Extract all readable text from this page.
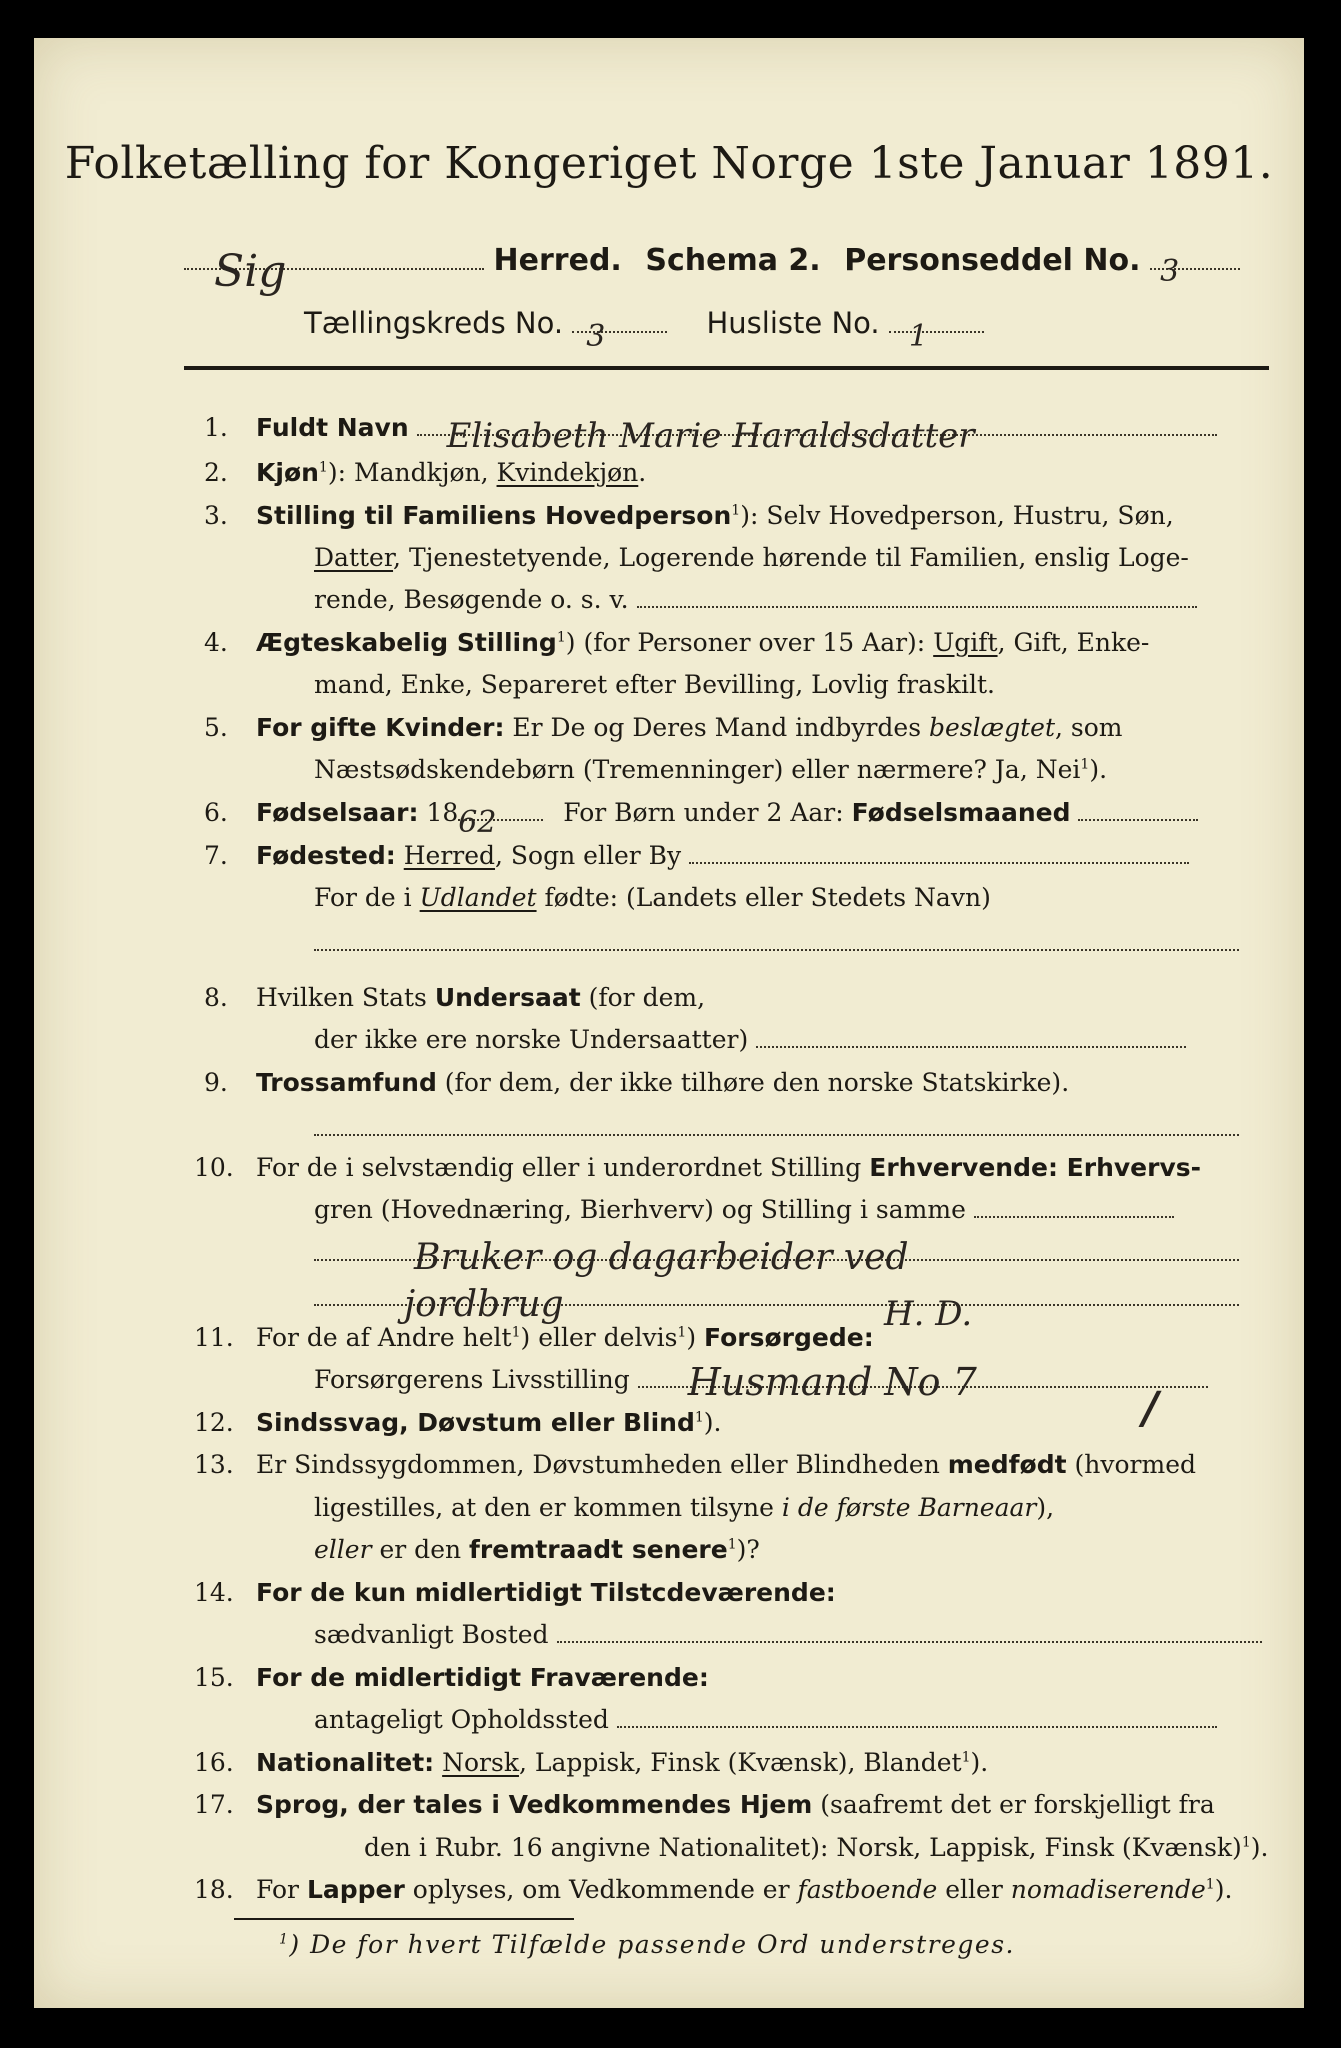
Folketælling for Kongeriget Norge 1ste Januar 1891.
Sig	Herred. Schema 2. Personseddel No. 3
Tællingskreds No. 3	Husliste No. 1
1. Fuldt Navn Elisabeth Marie Haraldsdatter
2. Kjøn$^1$): Mandkjøn, Kvindekjøn.
3. Stilling til Familiens Hovedperson$^1$): Selv Hovedperson, Hustru, Søn,
Datter, Tjenestetyende, Logerende hørende til Familien, enslig Loge-
rende, Besøgende o. s. v.
4. Ægteskabelig Stilling$^1$) (for Personer over 15 Aar): Ugift, Gift, Enke-
mand, Enke, Separeret efter Bevilling, Lovlig fraskilt.
5. For gifte Kvinder: Er De og Deres Mand indbyrdes beslægtet, som
Næstsødskendebørn (Tremenninger) eller nærmere? Ja, Nei$^1$).
6. Fødselsaar: 18 62	For Børn under 2 Aar: Fødselsmaaned
7. Fødested: Herred, Sogn eller By
For de i Udlandet fødte: (Landets eller Stedets Navn)
8. Hvilken Stats Undersaat (for dem,
der ikke ere norske Undersaatter)
9. Trossamfund (for dem, der ikke tilhøre den norske Statskirke).
10. For de i selvstændig eller i underordnet Stilling Erhvervende: Erhvervs-
gren (Hovednæring, Bierhverv) og Stilling i samme
Bruker og dagarbeider ved
jordbrug	H. D.
11. For de af Andre helt$^1$) eller delvis$^1$) Forsørgede:
Forsørgerens Livsstilling Husmand No 7
12. Sindssvag, Døvstum eller Blind$^1$).	/
13. Er Sindssygdommen, Døvstumheden eller Blindheden medfødt (hvormed
ligestilles, at den er kommen tilsyne i de første Barneaar),
eller er den fremtraadt senere$^1$)?
14. For de kun midlertidigt Tilstcdeværende:
sædvanligt Bosted
15. For de midlertidigt Fraværende:
antageligt Opholdssted
16. Nationalitet: Norsk, Lappisk, Finsk (Kvænsk), Blandet$^1$).
17. Sprog, der tales i Vedkommendes Hjem (saafremt det er forskjelligt fra
den i Rubr. 16 angivne Nationalitet): Norsk, Lappisk, Finsk (Kvænsk)$^1$).
18. For Lapper oplyses, om Vedkommende er fastboende eller nomadiserende$^1$).
$^1$) De for hvert Tilfælde passende Ord understreges.
